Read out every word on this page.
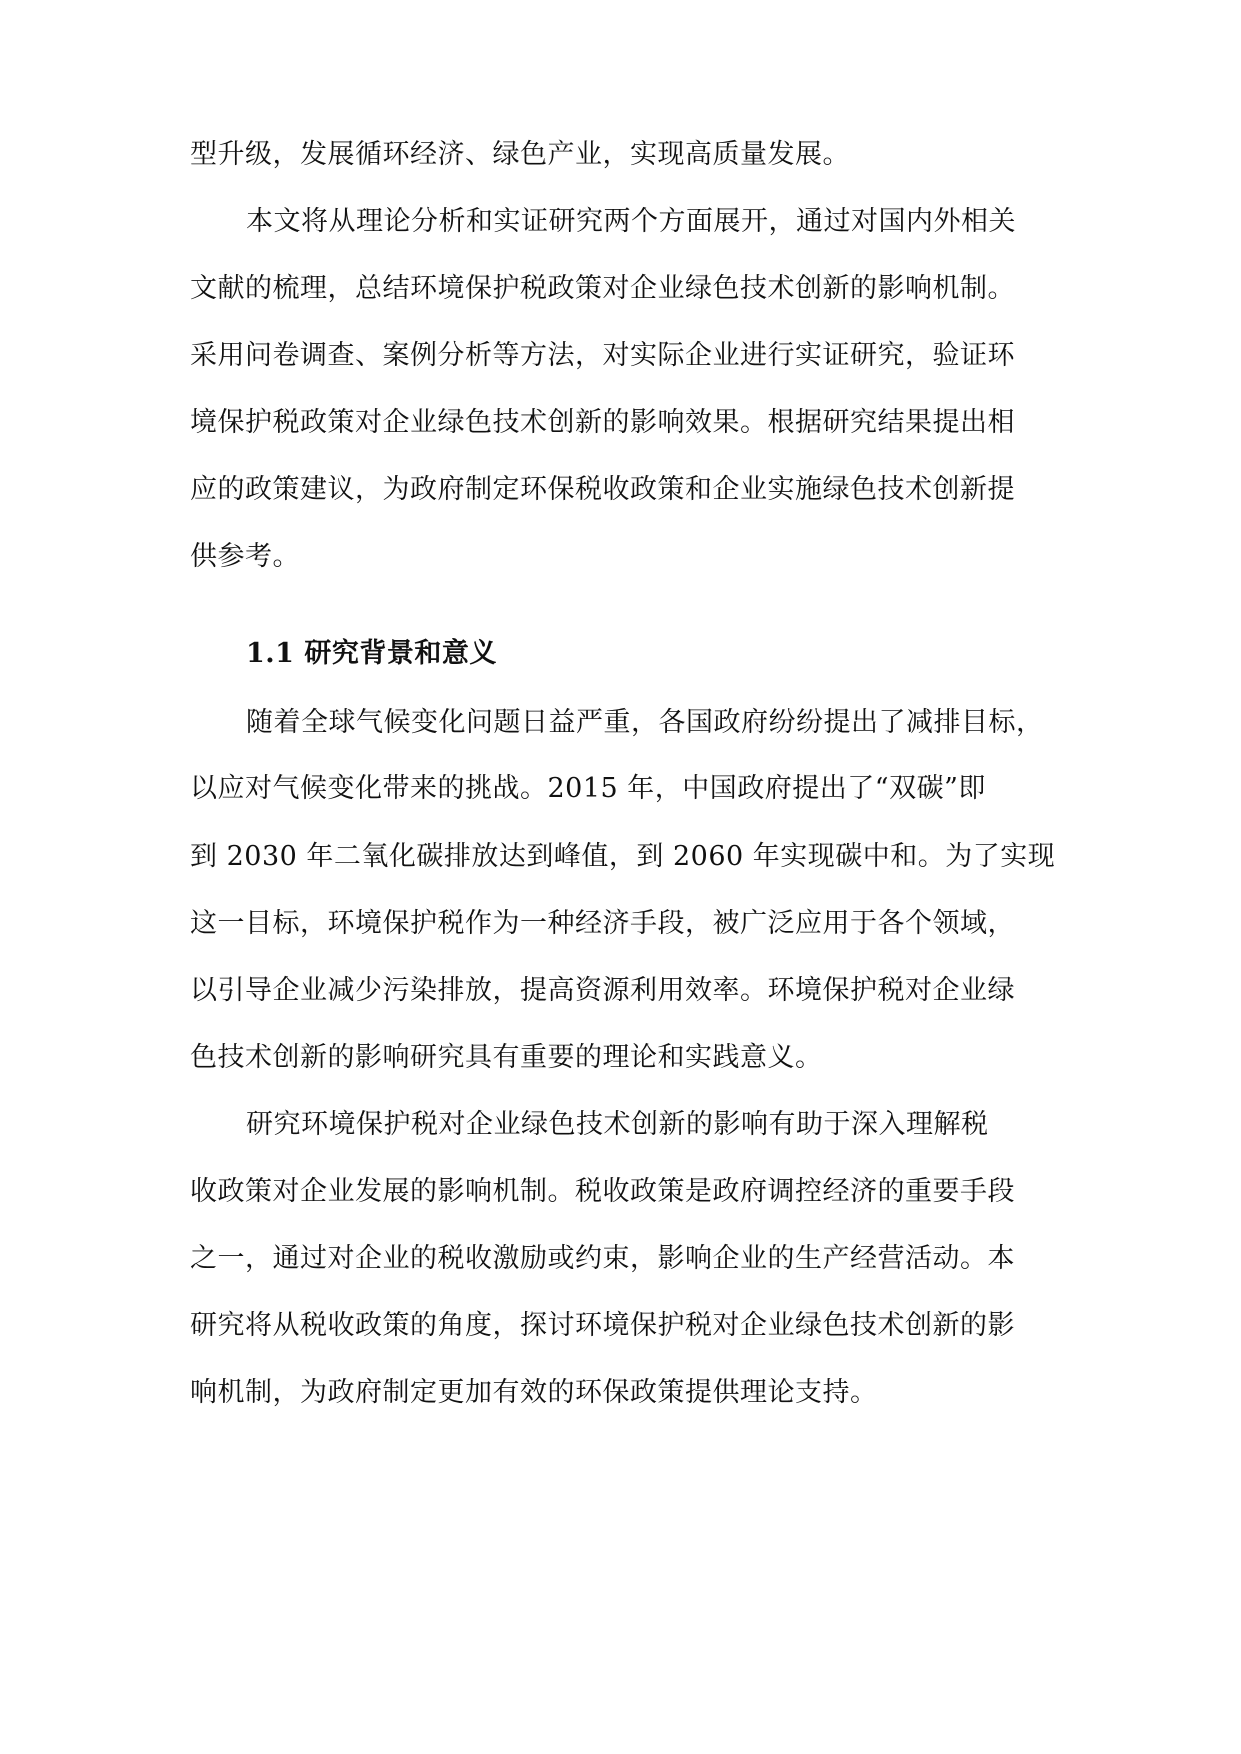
型升级，发展循环经济、绿色产业，实现高质量发展。
本文将从理论分析和实证研究两个方面展开，通过对国内外相关
文献的梳理，总结环境保护税政策对企业绿色技术创新的影响机制。
采用问卷调查、案例分析等方法，对实际企业进行实证研究，验证环
境保护税政策对企业绿色技术创新的影响效果。根据研究结果提出相
应的政策建议，为政府制定环保税收政策和企业实施绿色技术创新提
供参考。
1.1 研究背景和意义
随着全球气候变化问题日益严重，各国政府纷纷提出了减排目标，
以应对气候变化带来的挑战。2015 年，中国政府提出了“双碳”即
到 2030 年二氧化碳排放达到峰值，到 2060 年实现碳中和。为了实现
这一目标，环境保护税作为一种经济手段，被广泛应用于各个领域，
以引导企业减少污染排放，提高资源利用效率。环境保护税对企业绿
色技术创新的影响研究具有重要的理论和实践意义。
研究环境保护税对企业绿色技术创新的影响有助于深入理解税
收政策对企业发展的影响机制。税收政策是政府调控经济的重要手段
之一，通过对企业的税收激励或约束，影响企业的生产经营活动。本
研究将从税收政策的角度，探讨环境保护税对企业绿色技术创新的影
响机制，为政府制定更加有效的环保政策提供理论支持。
